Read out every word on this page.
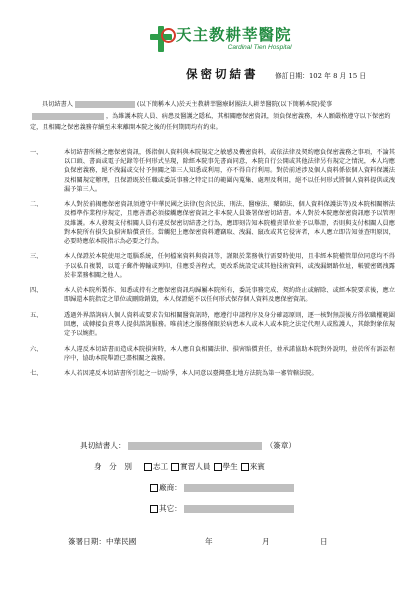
天主教耕莘醫院
Cardinal Tien Hospital
保密切結書 修訂日期：102 年 8 月 15 日
具切結書人	(以下簡稱本人)於天主教耕莘醫療財團法人耕莘醫院(以下簡稱本院)從事，為維護本院人員、病患及醫護之隱私，其相關應保密資訊，須負保密義務，本人願嚴格遵守以下保密約定，且相關之保密義務存續至未來離開本院之後的任何期間均有約束。
一、	本切結書所稱之應保密資訊，係指個人資料與本院規定之敏感及機密資料，或依法律及契約應負保密義務之事項，不論其以口頭、書面或電子紀錄等任何形式呈現，除經本院事先書面同意，本院自行公開或其他法律另有規定之情況，本人均應負保密義務，絕不洩漏或交付予無關之第三人知悉或利用，亦不得自行利用。對於前述涉及個人資料係依個人資料保護法及相關規定辦理，且保證既於任職或委託事務之特定目的範圍內蒐集、處理及利用，絕不以任何形式將個人資料提供或洩漏予第三人。
二、	本人對於前揭應保密資訊須遵守中華民國之法律(包含民法、刑法、醫療法、藥師法、個人資料保護法等)及本院相關辦法及標準作業程序規定，且應善盡必須接觸應保密資訊之非本院人員簽署保密切結書。本人對於本院應保密資訊應予以管理及維護。本人發現支付相關人員有違反保密切結書之行為，應即刻告知本院權責單位並予以舉證，否則與支付相關人員應對本院所有損失負損害賠償責任。當觸犯上應保密資料遭竊取、洩漏、竄改或其它侵害者，本人應立即告知並查明原因，必要時應依本院指示為必要之行為。
三、	本人保證於本院使用之電腦系統，任何檔案資料與資訊等，謹限於業務執行需要時使用，且非經本院權管單位同意均不得予以私自複製，以電子郵件傳輸或列印，佳應妥善程式，更改系統設定或其他技術資料，或洩漏網路位址，帳號密碼洩露於非業務相關之他人。
四、	本人於本院所製作、知悉或持有之應保密資訊均歸屬本院所有，委託事務完成、契約終止或解除、或經本院要求後，應立即歸還本院指定之單位或刪除銷毀，本人保證絕不以任何形式保存個人資料及應保密資訊。
五、	透過外界諮詢病人個人資料或要求告知相關醫資訊時，應遵行申請程序及身分確認原則，逐一核對無誤後方得依職權範圍回應，或轉接負責專人提供諮詢服務。唯前述之服務僅限於病患本人或本人或本院之法定代理人或監護人，其餘對象依規定予以婉拒。
六、	本人違反本切結書而造成本院損害時，本人應自負相關法律、損害賠償責任，並承諾協助本院對外說明，並於所有訴訟程序中，協助本院舉證已盡相關之義務。
七、	本人若因違反本切結書所引起之一切紛爭，本人同意以臺灣臺北地方法院為第一審管轄法院。
具切結書人：	（簽章）
身　分　別	志工 實習人員 學生 來賓
廠商：
其它：
簽署日期：中華民國	年	月	日
